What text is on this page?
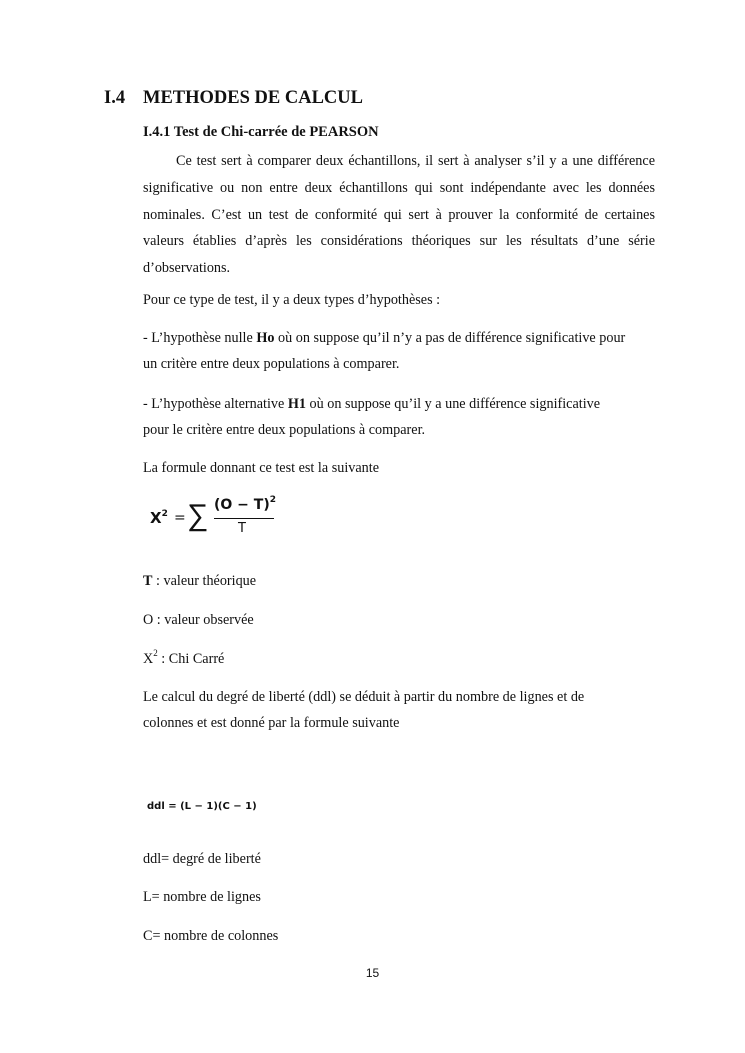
I.4 METHODES DE CALCUL
I.4.1 Test de Chi-carrée de PEARSON
Ce test sert à comparer deux échantillons, il sert à analyser s’il y a une différence significative ou non entre deux échantillons qui sont indépendante avec les données nominales. C’est un test de conformité qui sert à prouver la conformité de certaines valeurs établies d’après les considérations théoriques sur les résultats d’une série d’observations.
Pour ce type de test, il y a deux types d’hypothèses :
- L’hypothèse nulle Ho où on suppose qu’il n’y a pas de différence significative pour
un critère entre deux populations à comparer.
- L’hypothèse alternative H1 où on suppose qu’il y a une différence significative
pour le critère entre deux populations à comparer.
La formule donnant ce test est la suivante
$X^2$ = ∑ $(O - T)^2$
T
T : valeur théorique
O : valeur observée
$X^2$ : Chi Carré
Le calcul du degré de liberté (ddl) se déduit à partir du nombre de lignes et de
colonnes et est donné par la formule suivante
ddl = (L − 1)(C − 1)
ddl= degré de liberté
L= nombre de lignes
C= nombre de colonnes
15
